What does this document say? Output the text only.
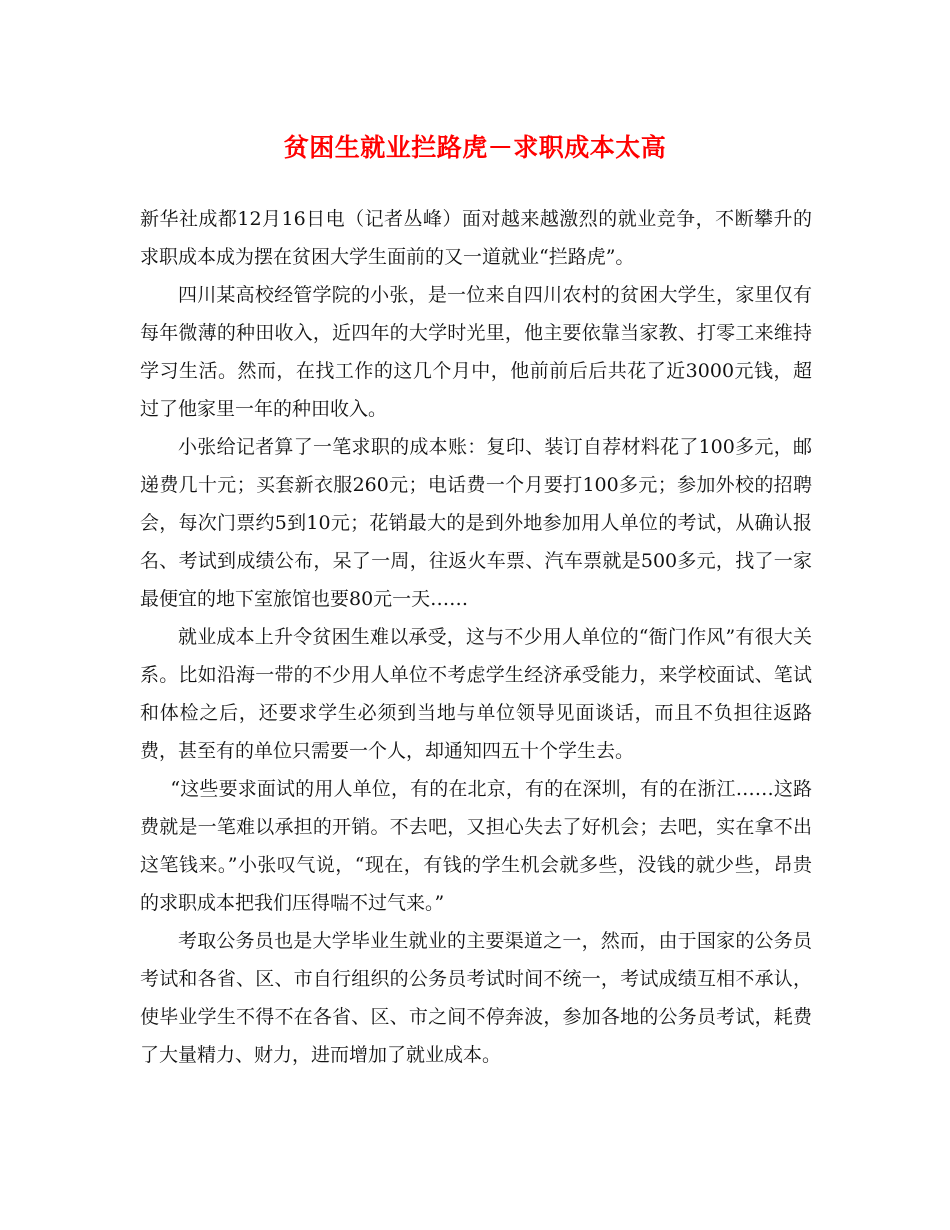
贫困生就业拦路虎－求职成本太高

新华社成都12月16日电（记者丛峰）面对越来越激烈的就业竞争，不断攀升的求职成本成为摆在贫困大学生面前的又一道就业“拦路虎”。

四川某高校经管学院的小张，是一位来自四川农村的贫困大学生，家里仅有每年微薄的种田收入，近四年的大学时光里，他主要依靠当家教、打零工来维持学习生活。然而，在找工作的这几个月中，他前前后后共花了近3000元钱，超过了他家里一年的种田收入。

小张给记者算了一笔求职的成本账：复印、装订自荐材料花了100多元，邮递费几十元；买套新衣服260元；电话费一个月要打100多元；参加外校的招聘会，每次门票约5到10元；花销最大的是到外地参加用人单位的考试，从确认报名、考试到成绩公布，呆了一周，往返火车票、汽车票就是500多元，找了一家最便宜的地下室旅馆也要80元一天……

就业成本上升令贫困生难以承受，这与不少用人单位的“衙门作风”有很大关系。比如沿海一带的不少用人单位不考虑学生经济承受能力，来学校面试、笔试和体检之后，还要求学生必须到当地与单位领导见面谈话，而且不负担往返路费，甚至有的单位只需要一个人，却通知四五十个学生去。

“这些要求面试的用人单位，有的在北京，有的在深圳，有的在浙江……这路费就是一笔难以承担的开销。不去吧，又担心失去了好机会；去吧，实在拿不出这笔钱来。”小张叹气说，“现在，有钱的学生机会就多些，没钱的就少些，昂贵的求职成本把我们压得喘不过气来。”

考取公务员也是大学毕业生就业的主要渠道之一，然而，由于国家的公务员考试和各省、区、市自行组织的公务员考试时间不统一，考试成绩互相不承认，使毕业学生不得不在各省、区、市之间不停奔波，参加各地的公务员考试，耗费了大量精力、财力，进而增加了就业成本。
